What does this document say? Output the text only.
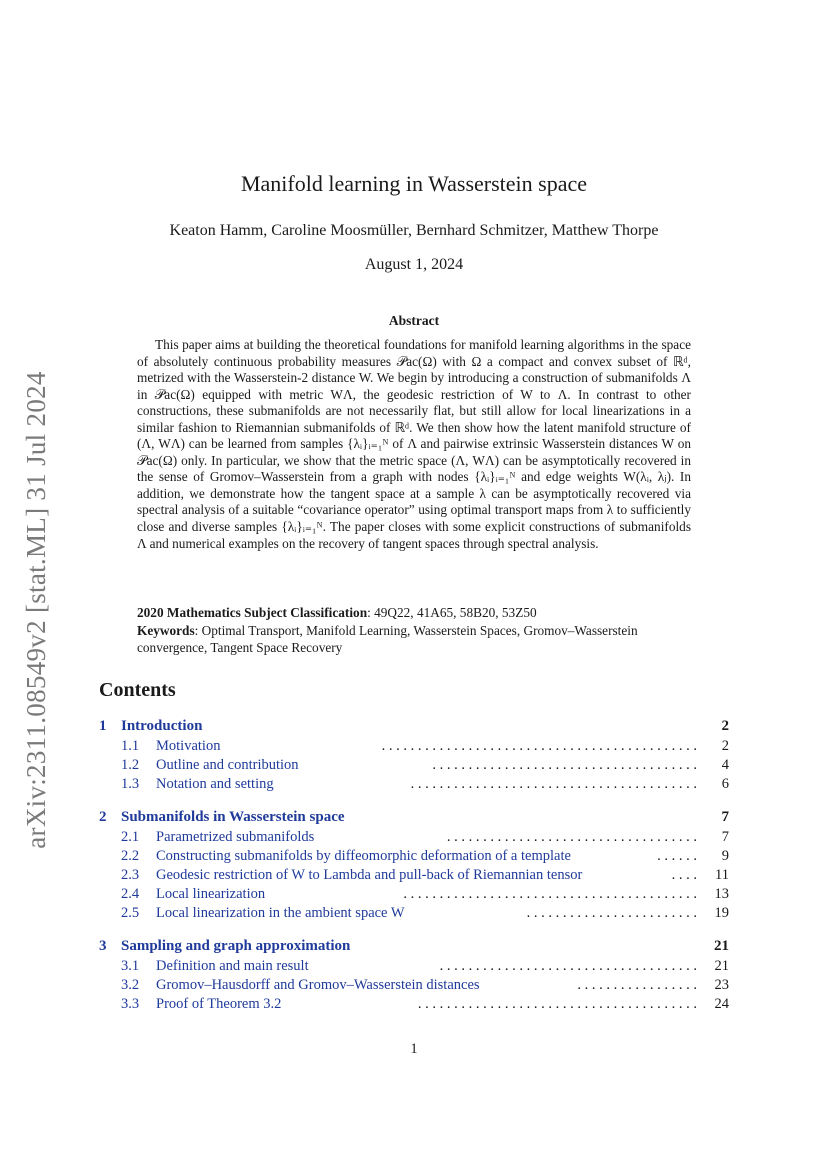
arXiv:2311.08549v2 [stat.ML] 31 Jul 2024
Manifold learning in Wasserstein space
Keaton Hamm, Caroline Moosmüller, Bernhard Schmitzer, Matthew Thorpe
August 1, 2024
Abstract
This paper aims at building the theoretical foundations for manifold learning algorithms in the space of absolutely continuous probability measures 𝒫ac(Ω) with Ω a compact and convex subset of ℝᵈ, metrized with the Wasserstein-2 distance W. We begin by introducing a construction of submanifolds Λ in 𝒫ac(Ω) equipped with metric WΛ, the geodesic restriction of W to Λ. In contrast to other constructions, these submanifolds are not necessarily flat, but still allow for local linearizations in a similar fashion to Riemannian submanifolds of ℝᵈ. We then show how the latent manifold structure of (Λ, WΛ) can be learned from samples {λᵢ}ᵢ₌₁ᴺ of Λ and pairwise extrinsic Wasserstein distances W on 𝒫ac(Ω) only. In particular, we show that the metric space (Λ, WΛ) can be asymptotically recovered in the sense of Gromov–Wasserstein from a graph with nodes {λᵢ}ᵢ₌₁ᴺ and edge weights W(λᵢ, λⱼ). In addition, we demonstrate how the tangent space at a sample λ can be asymptotically recovered via spectral analysis of a suitable “covariance operator” using optimal transport maps from λ to sufficiently close and diverse samples {λᵢ}ᵢ₌₁ᴺ. The paper closes with some explicit constructions of submanifolds Λ and numerical examples on the recovery of tangent spaces through spectral analysis.
2020 Mathematics Subject Classification: 49Q22, 41A65, 58B20, 53Z50
Keywords: Optimal Transport, Manifold Learning, Wasserstein Spaces, Gromov–Wasserstein convergence, Tangent Space Recovery
Contents
1 Introduction	2
1.1 Motivation	. . . . . . . . . . . . . . . . . . . . . . . . . . . . . . . . . . . . . . . . . . . . 2
1.2 Outline and contribution	. . . . . . . . . . . . . . . . . . . . . . . . . . . . . . . . . . . . . 4
1.3 Notation and setting	. . . . . . . . . . . . . . . . . . . . . . . . . . . . . . . . . . . . . . . . 6
2 Submanifolds in Wasserstein space	7
2.1 Parametrized submanifolds	. . . . . . . . . . . . . . . . . . . . . . . . . . . . . . . . . . . 7
2.2 Constructing submanifolds by diffeomorphic deformation of a template	. . . . . . 9
2.3 Geodesic restriction of W to Lambda and pull-back of Riemannian tensor	. . . . 11
2.4 Local linearization	. . . . . . . . . . . . . . . . . . . . . . . . . . . . . . . . . . . . . . . . . 13
2.5 Local linearization in the ambient space W	. . . . . . . . . . . . . . . . . . . . . . . . 19
3 Sampling and graph approximation	21
3.1 Definition and main result	. . . . . . . . . . . . . . . . . . . . . . . . . . . . . . . . . . . . 21
3.2 Gromov–Hausdorff and Gromov–Wasserstein distances	. . . . . . . . . . . . . . . . . 23
3.3 Proof of Theorem 3.2	. . . . . . . . . . . . . . . . . . . . . . . . . . . . . . . . . . . . . . . 24
1
